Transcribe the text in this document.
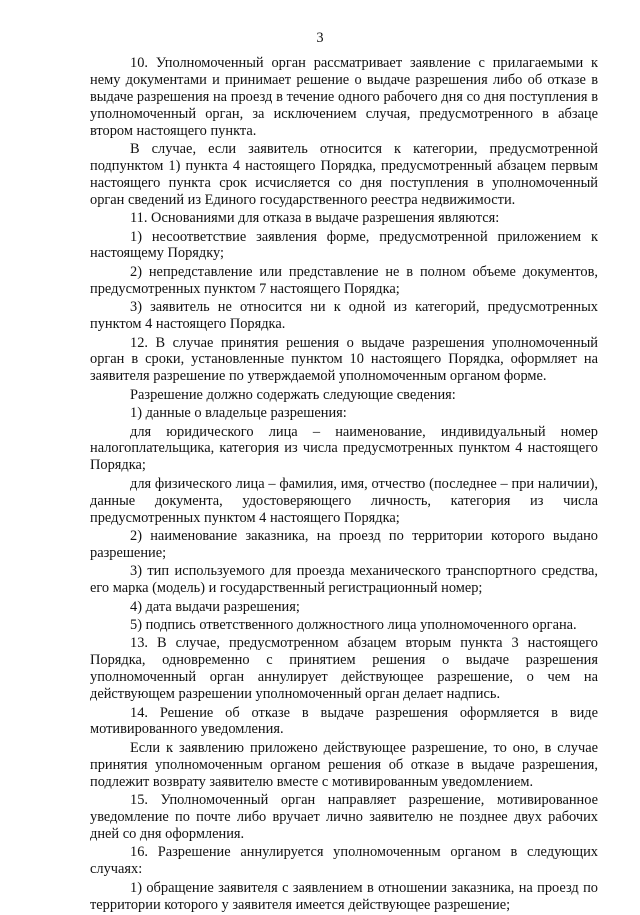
3

10. Уполномоченный орган рассматривает заявление с прилагаемыми к нему документами и принимает решение о выдаче разрешения либо об отказе в выдаче разрешения на проезд в течение одного рабочего дня со дня поступления в уполномоченный орган, за исключением случая, предусмотренного в абзаце втором настоящего пункта.

В случае, если заявитель относится к категории, предусмотренной подпунктом 1) пункта 4 настоящего Порядка, предусмотренный абзацем первым настоящего пункта срок исчисляется со дня поступления в уполномоченный орган сведений из Единого государственного реестра недвижимости.

11. Основаниями для отказа в выдаче разрешения являются:

1) несоответствие заявления форме, предусмотренной приложением к настоящему Порядку;

2) непредставление или представление не в полном объеме документов, предусмотренных пунктом 7 настоящего Порядка;

3) заявитель не относится ни к одной из категорий, предусмотренных пунктом 4 настоящего Порядка.

12. В случае принятия решения о выдаче разрешения уполномоченный орган в сроки, установленные пунктом 10 настоящего Порядка, оформляет на заявителя разрешение по утверждаемой уполномоченным органом форме.

Разрешение должно содержать следующие сведения:

1) данные о владельце разрешения:

для юридического лица – наименование, индивидуальный номер налогоплательщика, категория из числа предусмотренных пунктом 4 настоящего Порядка;

для физического лица – фамилия, имя, отчество (последнее – при наличии), данные документа, удостоверяющего личность, категория из числа предусмотренных пунктом 4 настоящего Порядка;

2) наименование заказника, на проезд по территории которого выдано разрешение;

3) тип используемого для проезда механического транспортного средства, его марка (модель) и государственный регистрационный номер;

4) дата выдачи разрешения;

5) подпись ответственного должностного лица уполномоченного органа.

13. В случае, предусмотренном абзацем вторым пункта 3 настоящего Порядка, одновременно с принятием решения о выдаче разрешения уполномоченный орган аннулирует действующее разрешение, о чем на действующем разрешении уполномоченный орган делает надпись.

14. Решение об отказе в выдаче разрешения оформляется в виде мотивированного уведомления.

Если к заявлению приложено действующее разрешение, то оно, в случае принятия уполномоченным органом решения об отказе в выдаче разрешения, подлежит возврату заявителю вместе с мотивированным уведомлением.

15. Уполномоченный орган направляет разрешение, мотивированное уведомление по почте либо вручает лично заявителю не позднее двух рабочих дней со дня оформления.

16. Разрешение аннулируется уполномоченным органом в следующих случаях:

1) обращение заявителя с заявлением в отношении заказника, на проезд по территории которого у заявителя имеется действующее разрешение;
